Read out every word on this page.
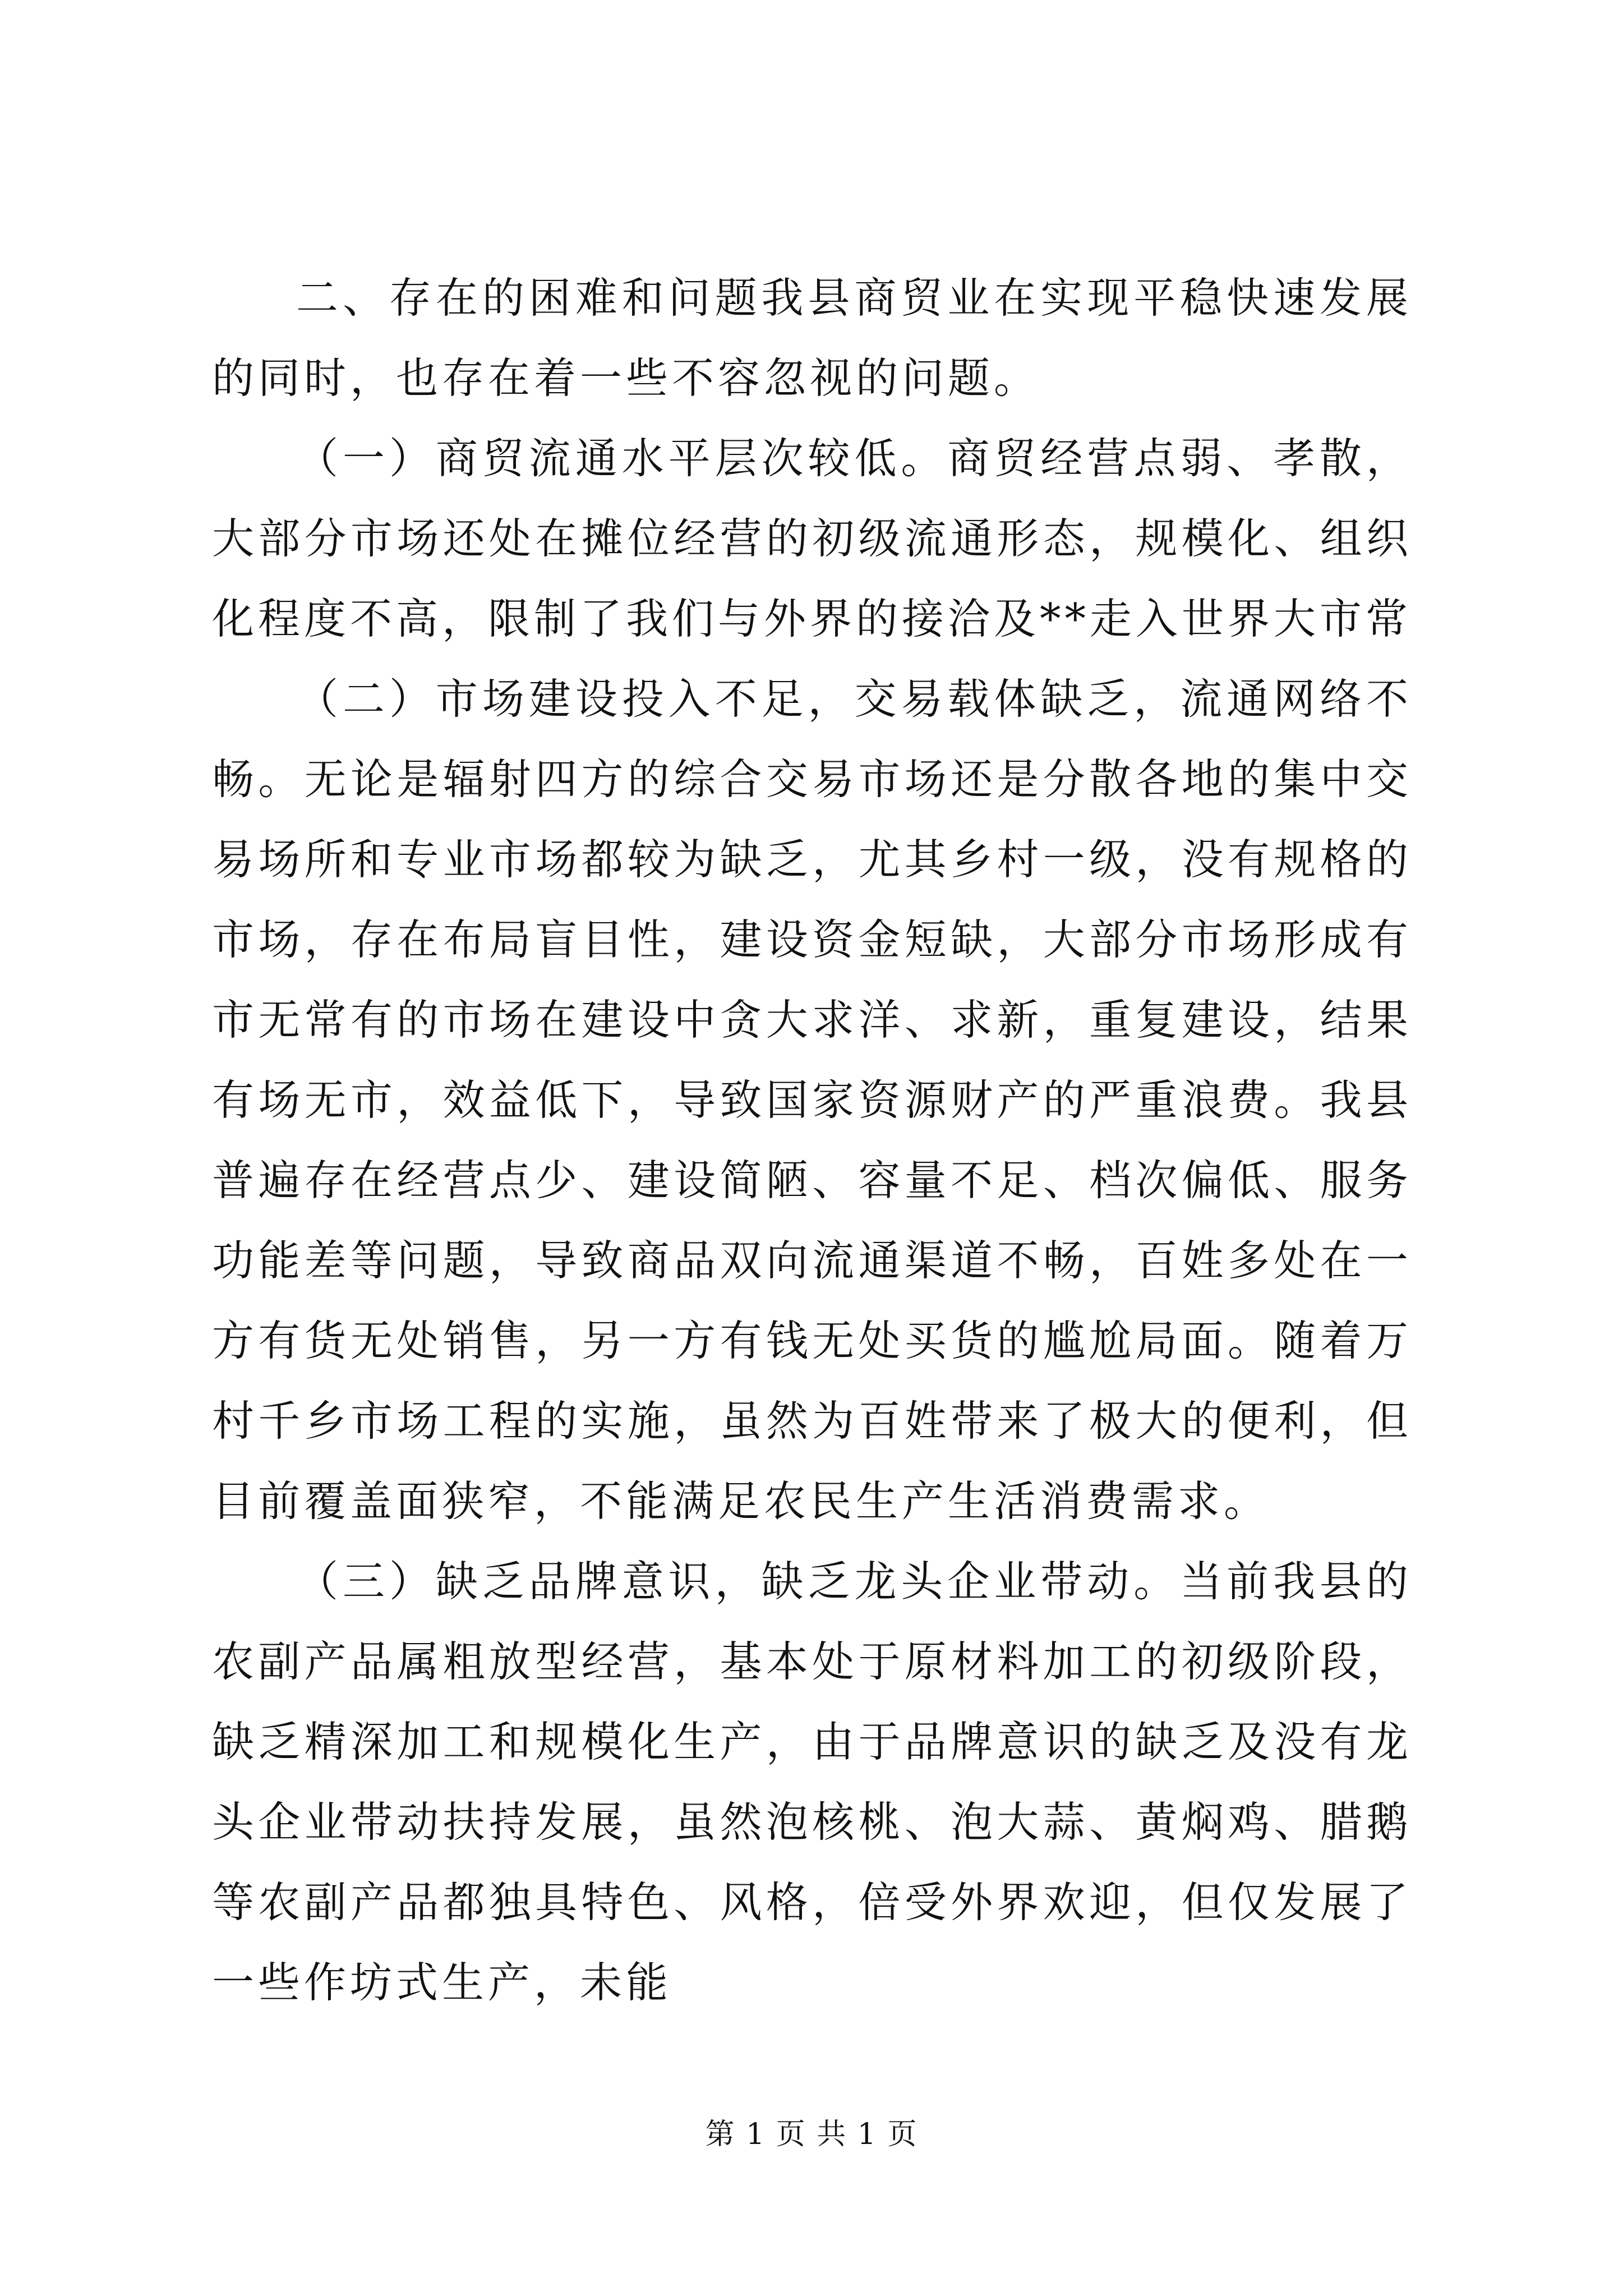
二、存在的困难和问题我县商贸业在实现平稳快速发展的同时，也存在着一些不容忽视的问题。

（一）商贸流通水平层次较低。商贸经营点弱、孝散，大部分市场还处在摊位经营的初级流通形态，规模化、组织化程度不高，限制了我们与外界的接洽及**走入世界大市常

（二）市场建设投入不足，交易载体缺乏，流通网络不畅。无论是辐射四方的综合交易市场还是分散各地的集中交易场所和专业市场都较为缺乏，尤其乡村一级，没有规格的市场，存在布局盲目性，建设资金短缺，大部分市场形成有市无常有的市场在建设中贪大求洋、求新，重复建设，结果有场无市，效益低下，导致国家资源财产的严重浪费。我县普遍存在经营点少、建设简陋、容量不足、档次偏低、服务功能差等问题，导致商品双向流通渠道不畅，百姓多处在一方有货无处销售，另一方有钱无处买货的尴尬局面。随着万村千乡市场工程的实施，虽然为百姓带来了极大的便利，但目前覆盖面狭窄，不能满足农民生产生活消费需求。

（三）缺乏品牌意识，缺乏龙头企业带动。当前我县的农副产品属粗放型经营，基本处于原材料加工的初级阶段，缺乏精深加工和规模化生产，由于品牌意识的缺乏及没有龙头企业带动扶持发展，虽然泡核桃、泡大蒜、黄焖鸡、腊鹅等农副产品都独具特色、风格，倍受外界欢迎，但仅发展了一些作坊式生产，未能

第 1 页 共 1 页
